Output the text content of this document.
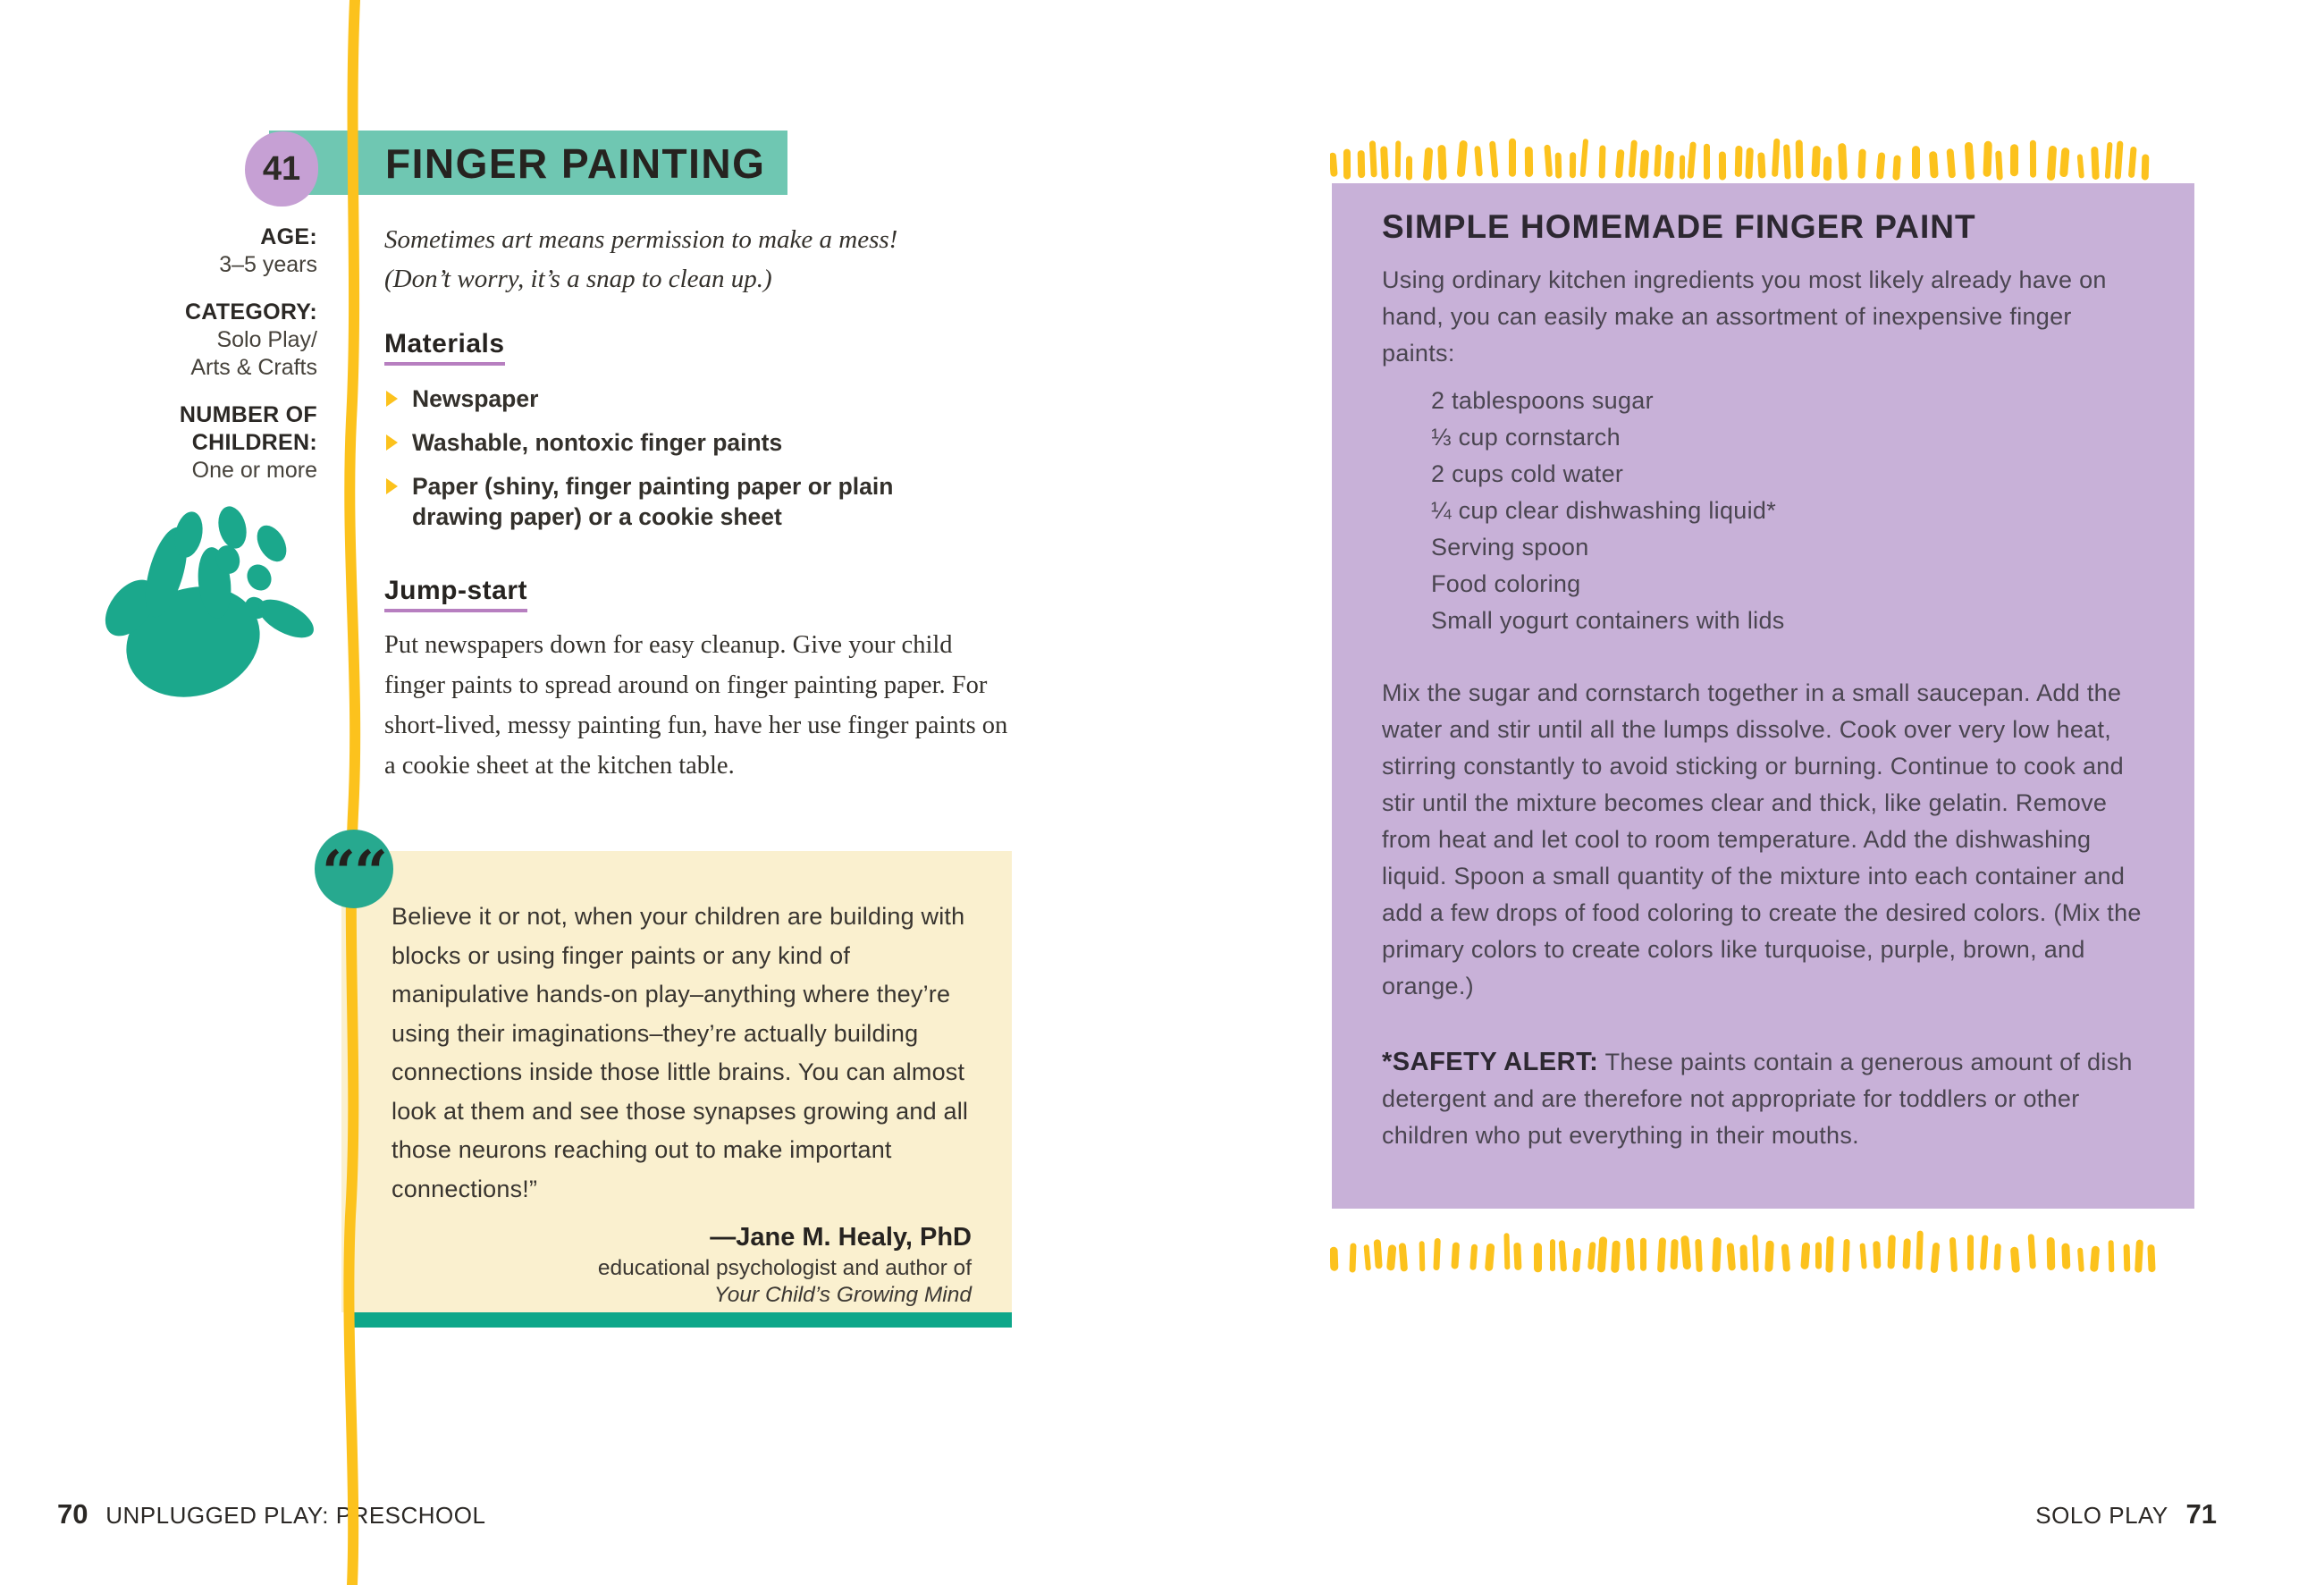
FINGER PAINTING
41
AGE:
3–5 years
CATEGORY:
Solo Play/
Arts & Crafts
NUMBER OF
CHILDREN:
One or more

Sometimes art means permission to make a mess!
(Don’t worry, it’s a snap to clean up.)

Materials
Newspaper
Washable, nontoxic finger paints
Paper (shiny, finger painting paper or plain drawing paper) or a cookie sheet
Jump-start

Put newspapers down for easy cleanup. Give your child finger paints to spread around on finger painting paper. For short-lived, messy painting fun, have her use finger paints on a cookie sheet at the kitchen table.

Believe it or not, when your children are building with blocks or using finger paints or any kind of manipulative hands-on play–anything where they’re using their imaginations–they’re actually building connections inside those little brains. You can almost look at them and see those synapses growing and all those neurons reaching out to make important connections!”

—Jane M. Healy, PhD

educational psychologist and author of

Your Child’s Growing Mind

““
SIMPLE HOMEMADE FINGER PAINT

Using ordinary kitchen ingredients you most likely already have on hand, you can easily make an assortment of inexpensive finger paints:

2 tablespoons sugar
⅓ cup cornstarch
2 cups cold water
¼ cup clear dishwashing liquid*
Serving spoon
Food coloring
Small yogurt containers with lids

Mix the sugar and cornstarch together in a small saucepan. Add the water and stir until all the lumps dissolve. Cook over very low heat, stirring constantly to avoid sticking or burning. Continue to cook and stir until the mixture becomes clear and thick, like gelatin. Remove from heat and let cool to room temperature. Add the dishwashing liquid. Spoon a small quantity of the mixture into each container and add a few drops of food coloring to create the desired colors. (Mix the primary colors to create colors like turquoise, purple, brown, and orange.)

*SAFETY ALERT: These paints contain a generous amount of dish detergent and are therefore not appropriate for toddlers or other children who put everything in their mouths.

70 UNPLUGGED PLAY: PRESCHOOL	SOLO PLAY 71
